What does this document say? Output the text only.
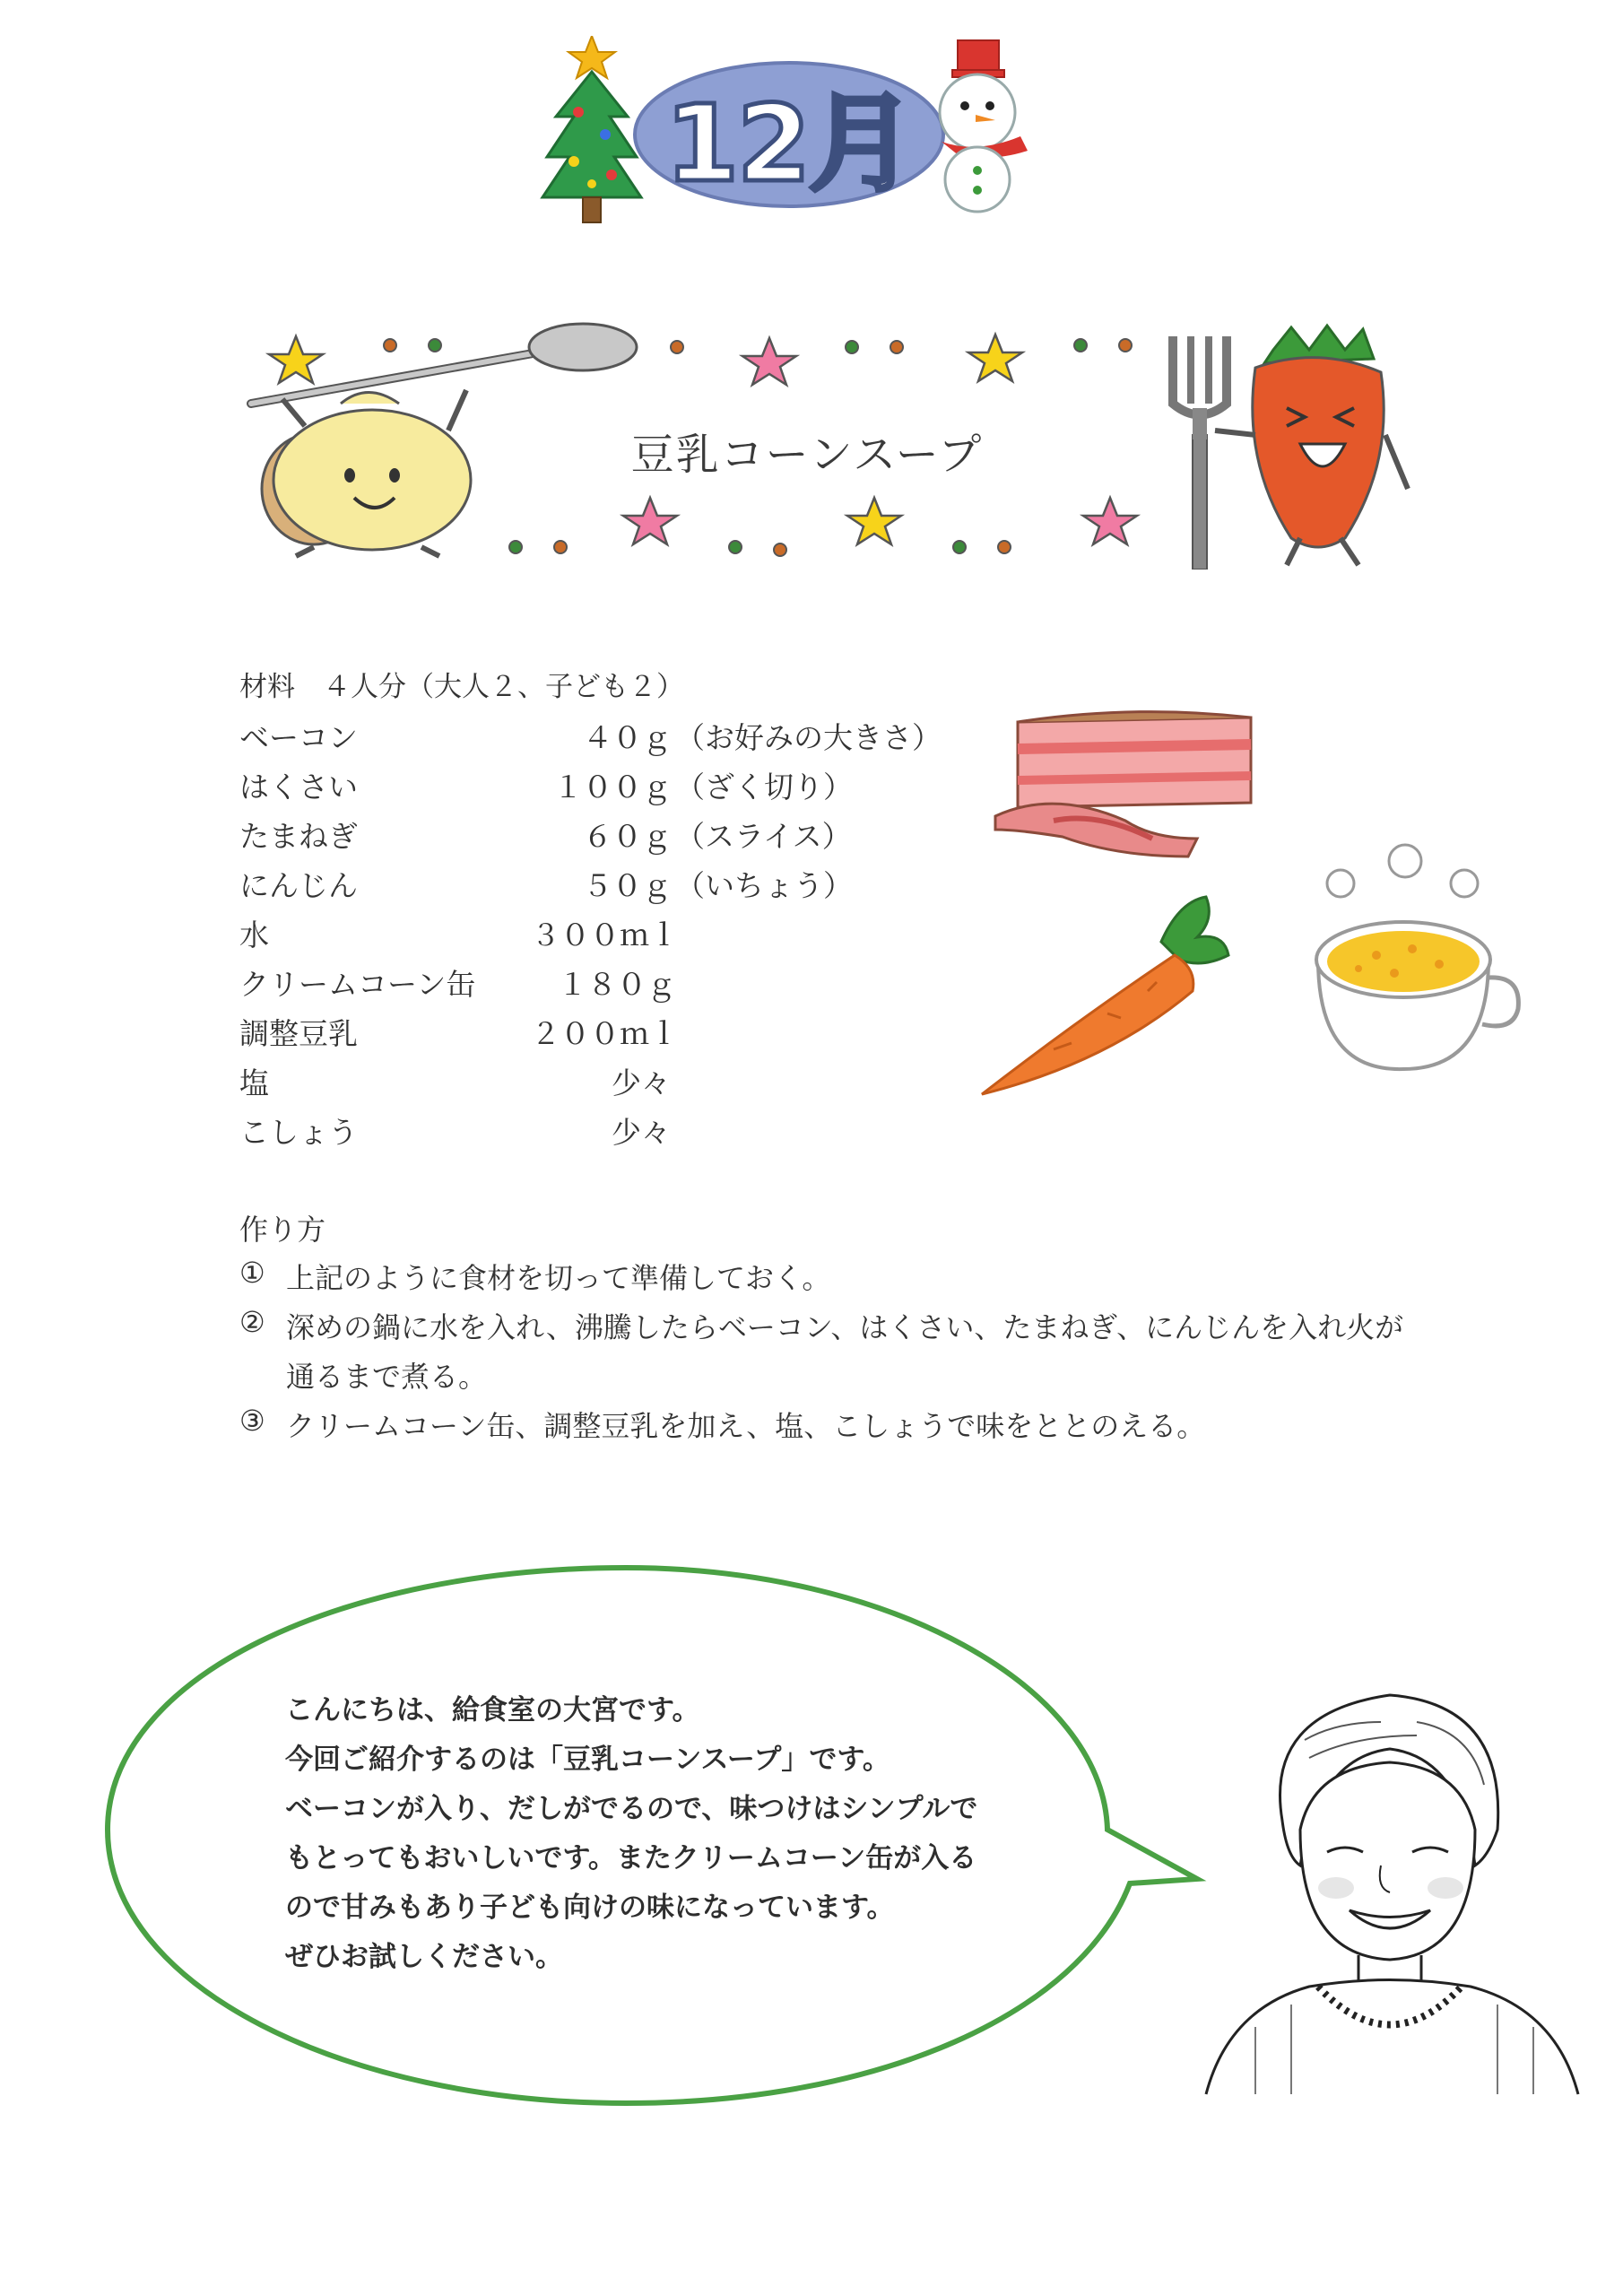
12月
豆乳コーンスープ
材料　４人分（大人２、子ども２）
ベーコン	４０ｇ （お好みの大きさ）
はくさい	１００ｇ （ざく切り）
たまねぎ	６０ｇ （スライス）
にんじん	５０ｇ （いちょう）
水	３００ｍｌ
クリームコーン缶	１８０ｇ
調整豆乳	２００ｍｌ
塩	少々
こしょう	少々
作り方
① 上記のように食材を切って準備しておく。
② 深めの鍋に水を入れ、沸騰したらベーコン、はくさい、たまねぎ、にんじんを入れ火が
通るまで煮る。
③ クリームコーン缶、調整豆乳を加え、塩、こしょうで味をととのえる。
こんにちは、給食室の大宮です。
今回ご紹介するのは「豆乳コーンスープ」です。
ベーコンが入り、だしがでるので、味つけはシンプルで
もとってもおいしいです。またクリームコーン缶が入る
ので甘みもあり子ども向けの味になっています。
ぜひお試しください。
